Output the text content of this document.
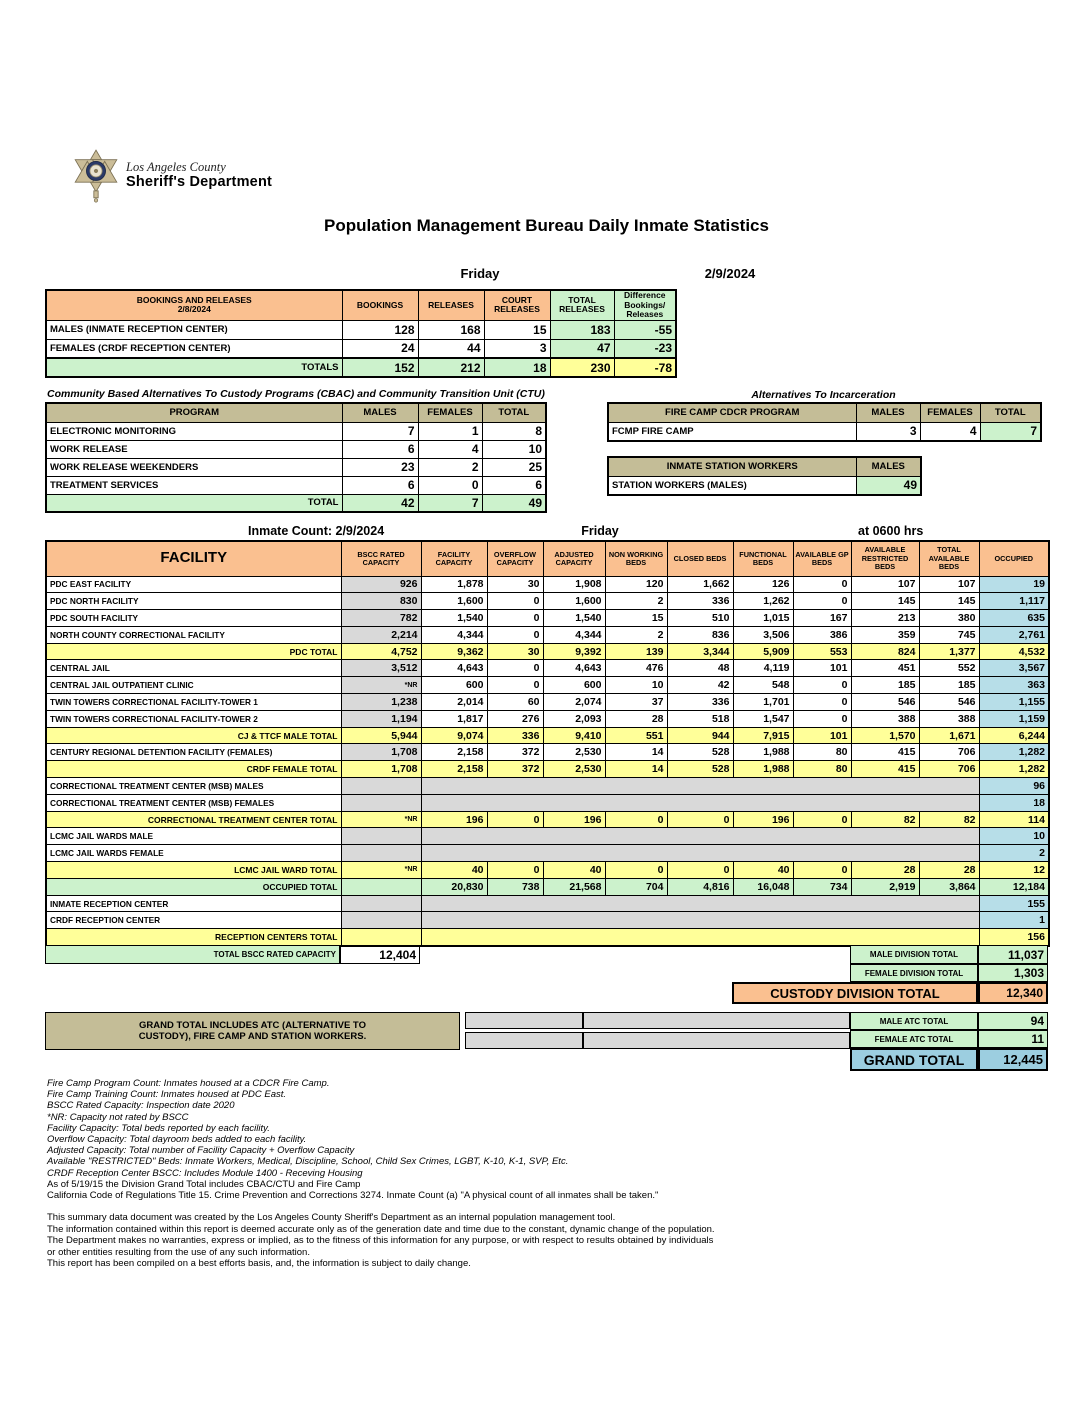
Los Angeles County
Sheriff's Department
Population Management Bureau Daily Inmate Statistics
Friday	2/9/2024
BOOKINGS AND RELEASES
2/8/2024	BOOKINGS	RELEASES	COURT RELEASES	TOTAL RELEASES	Difference Bookings/ Releases
MALES (INMATE RECEPTION CENTER)	128	168	15	183	-55
FEMALES (CRDF RECEPTION CENTER)	24	44	3	47	-23
TOTALS	152	212	18	230	-78
Community Based Alternatives To Custody Programs (CBAC) and Community Transition Unit (CTU)
PROGRAM	MALES	FEMALES	TOTAL
ELECTRONIC MONITORING	7	1	8
WORK RELEASE	6	4	10
WORK RELEASE WEEKENDERS	23	2	25
TREATMENT SERVICES	6	0	6
TOTAL	42	7	49
Alternatives To Incarceration
FIRE CAMP CDCR PROGRAM	MALES	FEMALES	TOTAL
FCMP FIRE CAMP	3	4	7
INMATE STATION WORKERS	MALES
STATION WORKERS (MALES)	49
Inmate Count: 2/9/2024	Friday	at 0600 hrs
FACILITY	BSCC RATED CAPACITY	FACILITY CAPACITY	OVERFLOW CAPACITY	ADJUSTED CAPACITY	NON WORKING BEDS	CLOSED BEDS	FUNCTIONAL BEDS	AVAILABLE GP BEDS	AVAILABLE RESTRICTED BEDS	TOTAL AVAILABLE BEDS	OCCUPIED
PDC EAST FACILITY	926	1,878	30	1,908	120	1,662	126	0	107	107	19
PDC NORTH FACILITY	830	1,600	0	1,600	2	336	1,262	0	145	145	1,117
PDC SOUTH FACILITY	782	1,540	0	1,540	15	510	1,015	167	213	380	635
NORTH COUNTY CORRECTIONAL FACILITY	2,214	4,344	0	4,344	2	836	3,506	386	359	745	2,761
PDC TOTAL	4,752	9,362	30	9,392	139	3,344	5,909	553	824	1,377	4,532
CENTRAL JAIL	3,512	4,643	0	4,643	476	48	4,119	101	451	552	3,567
CENTRAL JAIL OUTPATIENT CLINIC	*NR	600	0	600	10	42	548	0	185	185	363
TWIN TOWERS CORRECTIONAL FACILITY-TOWER 1	1,238	2,014	60	2,074	37	336	1,701	0	546	546	1,155
TWIN TOWERS CORRECTIONAL FACILITY-TOWER 2	1,194	1,817	276	2,093	28	518	1,547	0	388	388	1,159
CJ & TTCF MALE TOTAL	5,944	9,074	336	9,410	551	944	7,915	101	1,570	1,671	6,244
CENTURY REGIONAL DETENTION FACILITY (FEMALES)	1,708	2,158	372	2,530	14	528	1,988	80	415	706	1,282
CRDF FEMALE TOTAL	1,708	2,158	372	2,530	14	528	1,988	80	415	706	1,282
CORRECTIONAL TREATMENT CENTER (MSB) MALES											96
CORRECTIONAL TREATMENT CENTER (MSB) FEMALES											18
CORRECTIONAL TREATMENT CENTER TOTAL	*NR	196	0	196	0	0	196	0	82	82	114
LCMC JAIL WARDS MALE											10
LCMC JAIL WARDS FEMALE											2
LCMC JAIL WARD TOTAL	*NR	40	0	40	0	0	40	0	28	28	12
OCCUPIED TOTAL		20,830	738	21,568	704	4,816	16,048	734	2,919	3,864	12,184
INMATE RECEPTION CENTER											155
CRDF RECEPTION CENTER											1
RECEPTION CENTERS TOTAL											156
TOTAL BSCC RATED CAPACITY	12,404	MALE DIVISION TOTAL	11,037
FEMALE DIVISION TOTAL	1,303
CUSTODY DIVISION TOTAL	12,340
GRAND TOTAL INCLUDES ATC (ALTERNATIVE TO
CUSTODY), FIRE CAMP AND STATION WORKERS.
MALE ATC TOTAL	94
FEMALE ATC TOTAL	11
GRAND TOTAL	12,445
Fire Camp Program Count: Inmates housed at a CDCR Fire Camp.
Fire Camp Training Count: Inmates housed at PDC East.
BSCC Rated Capacity: Inspection date 2020
*NR: Capacity not rated by BSCC
Facility Capacity: Total beds reported by each facility.
Overflow Capacity: Total dayroom beds added to each facility.
Adjusted Capacity: Total number of Facility Capacity + Overflow Capacity
Available "RESTRICTED" Beds: Inmate Workers, Medical, Discipline, School, Child Sex Crimes, LGBT, K-10, K-1, SVP, Etc.
CRDF Reception Center BSCC: Includes Module 1400 - Receving Housing
As of 5/19/15 the Division Grand Total includes CBAC/CTU and Fire Camp
California Code of Regulations Title 15. Crime Prevention and Corrections 3274. Inmate Count (a) "A physical count of all inmates shall be taken."
This summary data document was created by the Los Angeles County Sheriff's Department as an internal population management tool.
The information contained within this report is deemed accurate only as of the generation date and time due to the constant, dynamic change of the population.
The Department makes no warranties, express or implied, as to the fitness of this information for any purpose, or with respect to results obtained by individuals
or other entities resulting from the use of any such information.
This report has been compiled on a best efforts basis, and, the information is subject to daily change.
